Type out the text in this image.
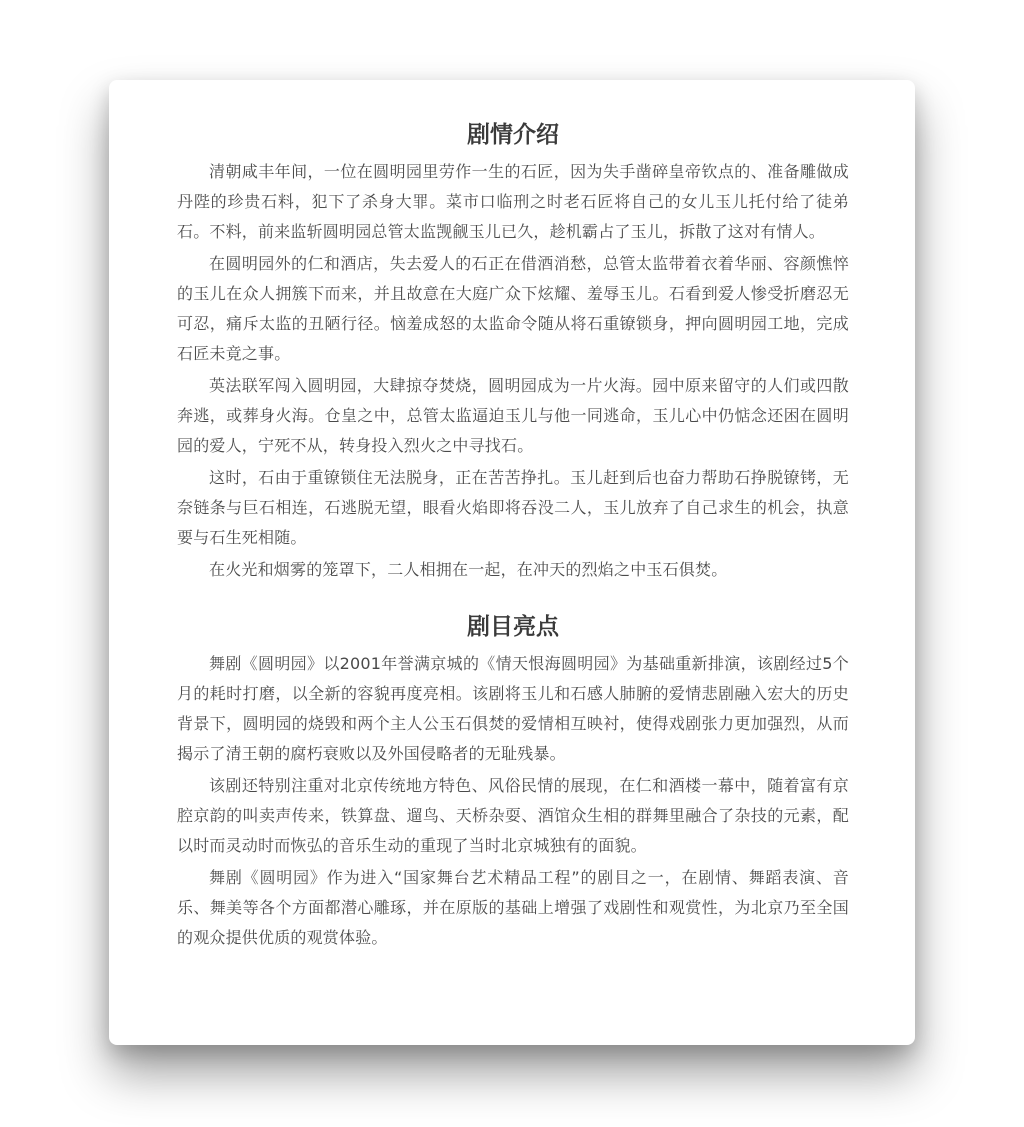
剧情介绍

清朝咸丰年间，一位在圆明园里劳作一生的石匠，因为失手凿碎皇帝钦点的、准备雕做成丹陛的珍贵石料，犯下了杀身大罪。菜市口临刑之时老石匠将自己的女儿玉儿托付给了徒弟石。不料，前来监斩圆明园总管太监觊觎玉儿已久，趁机霸占了玉儿，拆散了这对有情人。

在圆明园外的仁和酒店，失去爱人的石正在借酒消愁，总管太监带着衣着华丽、容颜憔悴的玉儿在众人拥簇下而来，并且故意在大庭广众下炫耀、羞辱玉儿。石看到爱人惨受折磨忍无可忍，痛斥太监的丑陋行径。恼羞成怒的太监命令随从将石重镣锁身，押向圆明园工地，完成石匠未竟之事。

英法联军闯入圆明园，大肆掠夺焚烧，圆明园成为一片火海。园中原来留守的人们或四散奔逃，或葬身火海。仓皇之中，总管太监逼迫玉儿与他一同逃命，玉儿心中仍惦念还困在圆明园的爱人，宁死不从，转身投入烈火之中寻找石。

这时，石由于重镣锁住无法脱身，正在苦苦挣扎。玉儿赶到后也奋力帮助石挣脱镣铐，无奈链条与巨石相连，石逃脱无望，眼看火焰即将吞没二人，玉儿放弃了自己求生的机会，执意要与石生死相随。

在火光和烟雾的笼罩下，二人相拥在一起，在冲天的烈焰之中玉石俱焚。

剧目亮点

舞剧《圆明园》以2001年誉满京城的《情天恨海圆明园》为基础重新排演，该剧经过5个月的耗时打磨，以全新的容貌再度亮相。该剧将玉儿和石感人肺腑的爱情悲剧融入宏大的历史背景下，圆明园的烧毁和两个主人公玉石俱焚的爱情相互映衬，使得戏剧张力更加强烈，从而揭示了清王朝的腐朽衰败以及外国侵略者的无耻残暴。

该剧还特别注重对北京传统地方特色、风俗民情的展现，在仁和酒楼一幕中，随着富有京腔京韵的叫卖声传来，铁算盘、遛鸟、天桥杂耍、酒馆众生相的群舞里融合了杂技的元素，配以时而灵动时而恢弘的音乐生动的重现了当时北京城独有的面貌。

舞剧《圆明园》作为进入“国家舞台艺术精品工程”的剧目之一，在剧情、舞蹈表演、音乐、舞美等各个方面都潜心雕琢，并在原版的基础上增强了戏剧性和观赏性，为北京乃至全国的观众提供优质的观赏体验。
